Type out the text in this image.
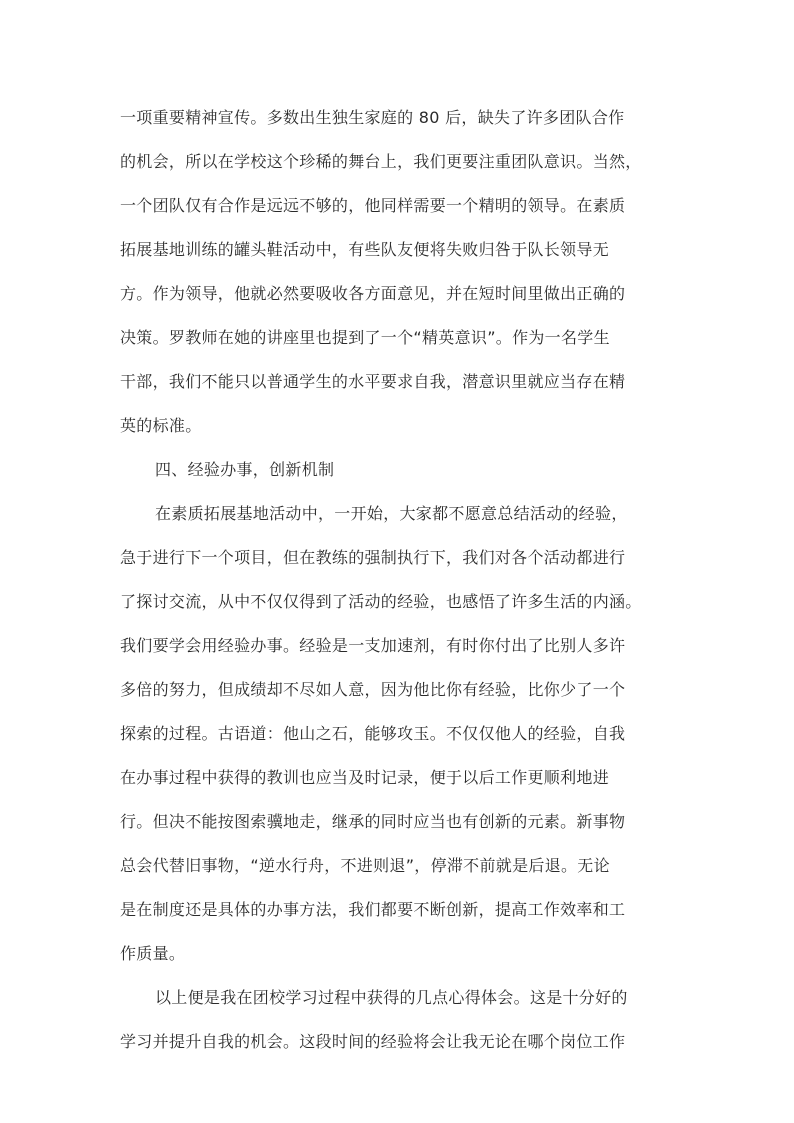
一项重要精神宣传。多数出生独生家庭的 80 后，缺失了许多团队合作
的机会，所以在学校这个珍稀的舞台上，我们更要注重团队意识。当然，
一个团队仅有合作是远远不够的，他同样需要一个精明的领导。在素质
拓展基地训练的罐头鞋活动中，有些队友便将失败归咎于队长领导无
方。作为领导，他就必然要吸收各方面意见，并在短时间里做出正确的
决策。罗教师在她的讲座里也提到了一个“精英意识”。作为一名学生
干部，我们不能只以普通学生的水平要求自我，潜意识里就应当存在精
英的标准。
四、经验办事，创新机制
在素质拓展基地活动中，一开始，大家都不愿意总结活动的经验，
急于进行下一个项目，但在教练的强制执行下，我们对各个活动都进行
了探讨交流，从中不仅仅得到了活动的经验，也感悟了许多生活的内涵。
我们要学会用经验办事。经验是一支加速剂，有时你付出了比别人多许
多倍的努力，但成绩却不尽如人意，因为他比你有经验，比你少了一个
探索的过程。古语道：他山之石，能够攻玉。不仅仅他人的经验，自我
在办事过程中获得的教训也应当及时记录，便于以后工作更顺利地进
行。但决不能按图索骥地走，继承的同时应当也有创新的元素。新事物
总会代替旧事物，“逆水行舟，不进则退”，停滞不前就是后退。无论
是在制度还是具体的办事方法，我们都要不断创新，提高工作效率和工
作质量。
以上便是我在团校学习过程中获得的几点心得体会。这是十分好的
学习并提升自我的机会。这段时间的经验将会让我无论在哪个岗位工作
